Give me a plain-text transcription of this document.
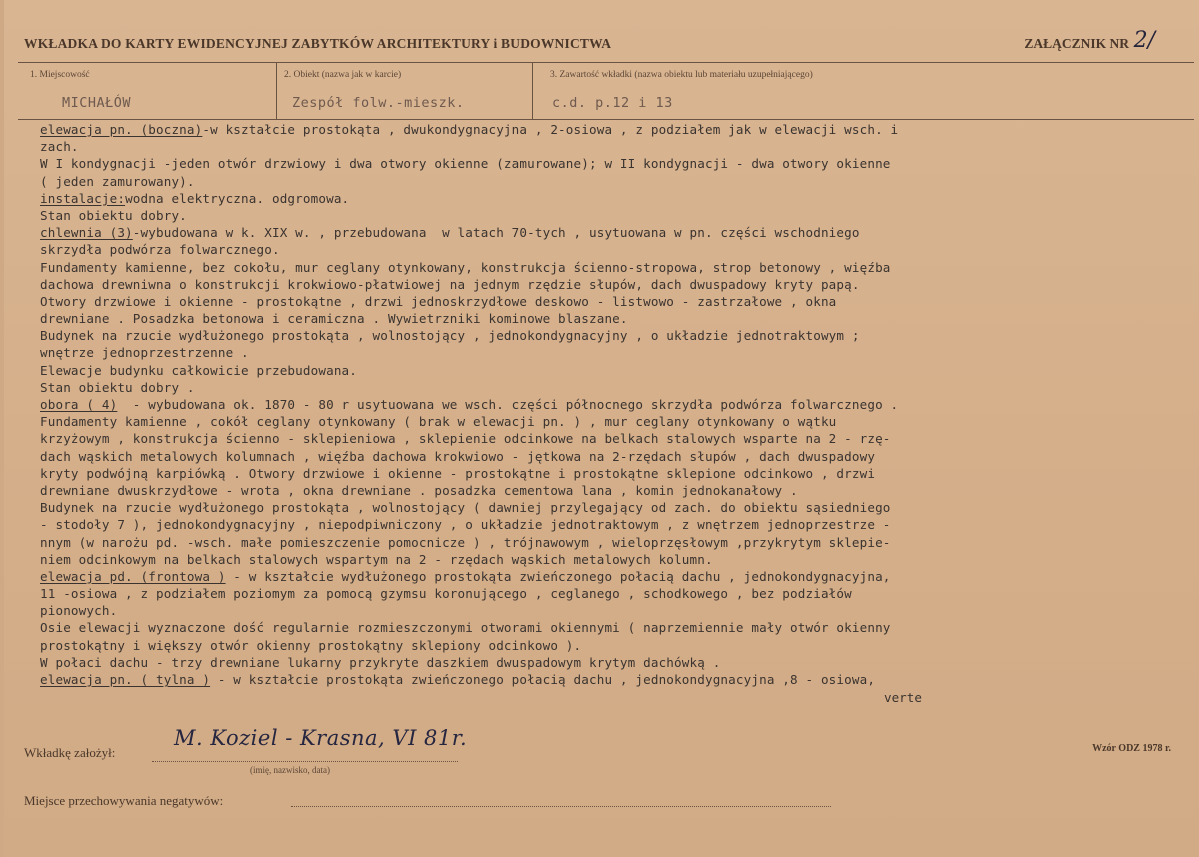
WKŁADKA DO KARTY EWIDENCYJNEJ ZABYTKÓW ARCHITEKTURY i BUDOWNICTWA	ZAŁĄCZNIK NR 2/
1. Miejscowość
MICHAŁÓW
2. Obiekt (nazwa jak w karcie)
Zespół folw.-mieszk.
3. Zawartość wkładki (nazwa obiektu lub materiału uzupełniającego)
c.d. p.12 i 13
elewacja pn. (boczna)-w kształcie prostokąta , dwukondygnacyjna , 2-osiowa , z podziałem jak w elewacji wsch. i
zach.
W I kondygnacji -jeden otwór drzwiowy i dwa otwory okienne (zamurowane); w II kondygnacji - dwa otwory okienne
( jeden zamurowany).
instalacje:wodna elektryczna. odgromowa.
Stan obiektu dobry.
chlewnia (3)-wybudowana w k. XIX w. , przebudowana  w latach 70-tych , usytuowana w pn. części wschodniego
skrzydła podwórza folwarcznego.
Fundamenty kamienne, bez cokołu, mur ceglany otynkowany, konstrukcja ścienno-stropowa, strop betonowy , więźba
dachowa drewniwna o konstrukcji krokwiowo-płatwiowej na jednym rzędzie słupów, dach dwuspadowy kryty papą.
Otwory drzwiowe i okienne - prostokątne , drzwi jednoskrzydłowe deskowo - listwowo - zastrzałowe , okna
drewniane . Posadzka betonowa i ceramiczna . Wywietrzniki kominowe blaszane.
Budynek na rzucie wydłużonego prostokąta , wolnostojący , jednokondygnacyjny , o układzie jednotraktowym ;
wnętrze jednoprzestrzenne .
Elewacje budynku całkowicie przebudowana.
Stan obiektu dobry .
obora ( 4)  - wybudowana ok. 1870 - 80 r usytuowana we wsch. części północnego skrzydła podwórza folwarcznego .
Fundamenty kamienne , cokół ceglany otynkowany ( brak w elewacji pn. ) , mur ceglany otynkowany o wątku
krzyżowym , konstrukcja ścienno - sklepieniowa , sklepienie odcinkowe na belkach stalowych wsparte na 2 - rzę-
dach wąskich metalowych kolumnach , więźba dachowa krokwiowo - jętkowa na 2-rzędach słupów , dach dwuspadowy
kryty podwójną karpiówką . Otwory drzwiowe i okienne - prostokątne i prostokątne sklepione odcinkowo , drzwi
drewniane dwuskrzydłowe - wrota , okna drewniane . posadzka cementowa lana , komin jednokanałowy .
Budynek na rzucie wydłużonego prostokąta , wolnostojący ( dawniej przylegający od zach. do obiektu sąsiedniego
- stodoły 7 ), jednokondygnacyjny , niepodpiwniczony , o układzie jednotraktowym , z wnętrzem jednoprzestrze -
nnym (w narożu pd. -wsch. małe pomieszczenie pomocnicze ) , trójnawowym , wieloprzęsłowym ,przykrytym sklepie-
niem odcinkowym na belkach stalowych wspartym na 2 - rzędach wąskich metalowych kolumn.
elewacja pd. (frontowa ) - w kształcie wydłużonego prostokąta zwieńczonego połacią dachu , jednokondygnacyjna,
11 -osiowa , z podziałem poziomym za pomocą gzymsu koronującego , ceglanego , schodkowego , bez podziałów
pionowych.
Osie elewacji wyznaczone dość regularnie rozmieszczonymi otworami okiennymi ( naprzemiennie mały otwór okienny
prostokątny i większy otwór okienny prostokątny sklepiony odcinkowo ).
W połaci dachu - trzy drewniane lukarny przykryte daszkiem dwuspadowym krytym dachówką .
elewacja pn. ( tylna ) - w kształcie prostokąta zwieńczonego połacią dachu , jednokondygnacyjna ,8 - osiowa,
verte
Wkładkę założył:
M. Koziel - Krasna, VI 81r.
(imię, nazwisko, data)
Miejsce przechowywania negatywów:
Wzór ODZ 1978 r.
